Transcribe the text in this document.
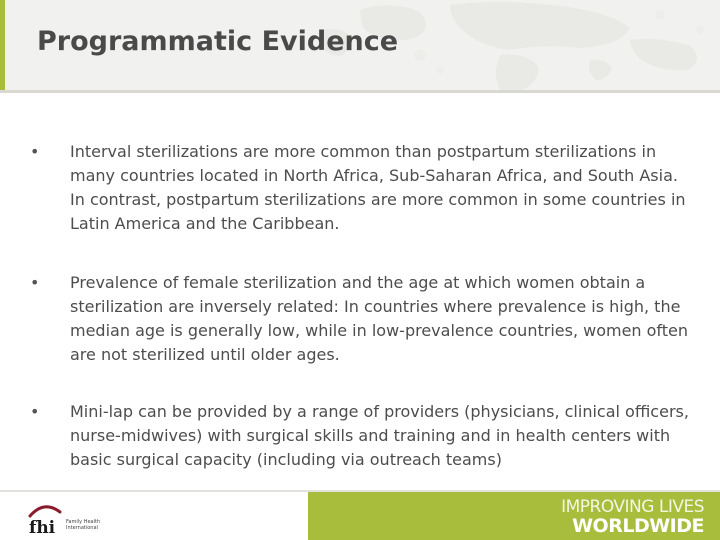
Programmatic Evidence
• Interval sterilizations are more common than postpartum sterilizations in many countries located in North Africa, Sub-Saharan Africa, and South Asia. In contrast, postpartum sterilizations are more common in some countries in Latin America and the Caribbean.
• Prevalence of female sterilization and the age at which women obtain a sterilization are inversely related: In countries where prevalence is high, the median age is generally low, while in low-prevalence countries, women often are not sterilized until older ages.
• Mini-lap can be provided by a range of providers (physicians, clinical officers, nurse-midwives) with surgical skills and training and in health centers with basic surgical capacity (including via outreach teams)
fhi Family Health
International
IMPROVING LIVES
WORLDWIDE
